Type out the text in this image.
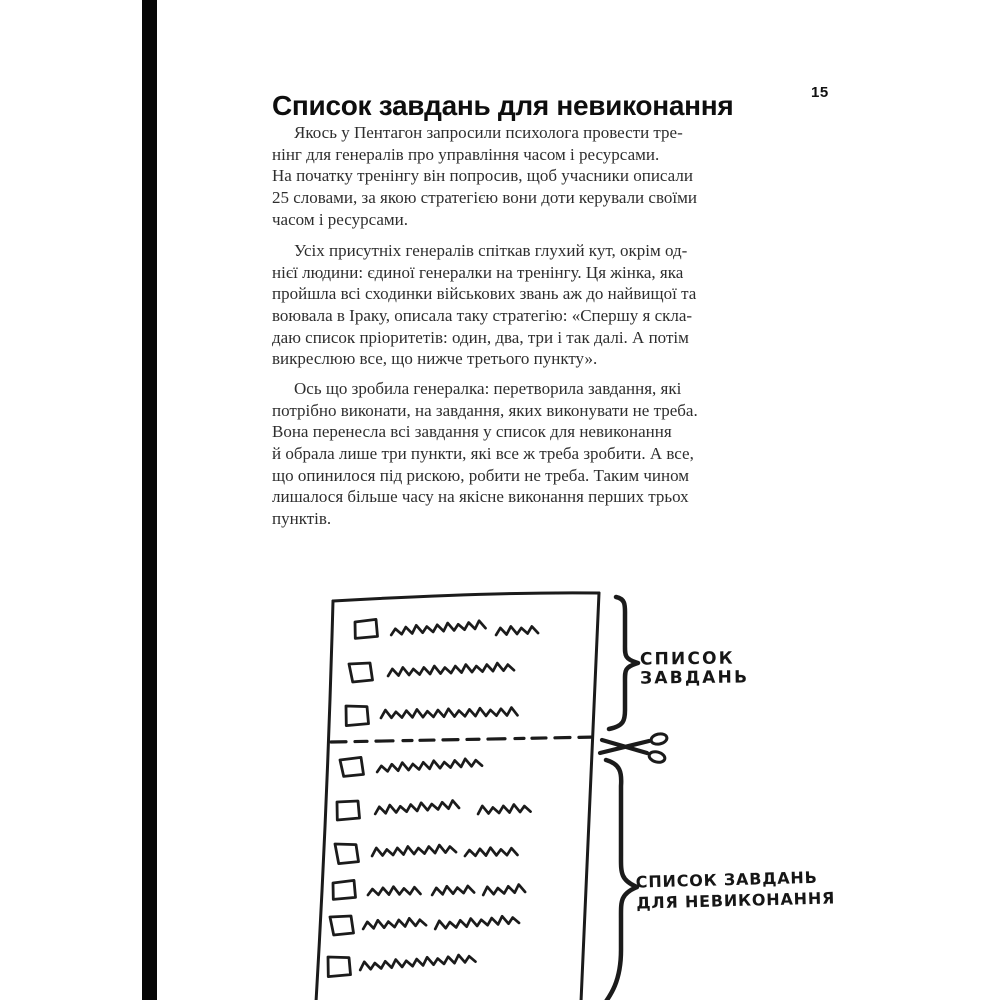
15
Список завдань для невиконання
Якось у Пентагон запросили психолога провести тре-
нінг для генералів про управління часом і ресурсами.
На початку тренінгу він попросив, щоб учасники описали
25 словами, за якою стратегією вони доти керували своїми
часом і ресурсами.
Усіх присутніх генералів спіткав глухий кут, окрім од-
нієї людини: єдиної генералки на тренінгу. Ця жінка, яка
пройшла всі сходинки військових звань аж до найвищої та
воювала в Іраку, описала таку стратегію: «Спершу я скла-
даю список пріоритетів: один, два, три і так далі. А потім
викреслюю все, що нижче третього пункту».
Ось що зробила генералка: перетворила завдання, які
потрібно виконати, на завдання, яких виконувати не треба.
Вона перенесла всі завдання у список для невиконання
й обрала лише три пункти, які все ж треба зробити. А все,
що опинилося під рискою, робити не треба. Таким чином
лишалося більше часу на якісне виконання перших трьох
пунктів.
СПИСОК
ЗАВДАНЬ
СПИСОК ЗАВДАНЬ
ДЛЯ НЕВИКОНАННЯ
